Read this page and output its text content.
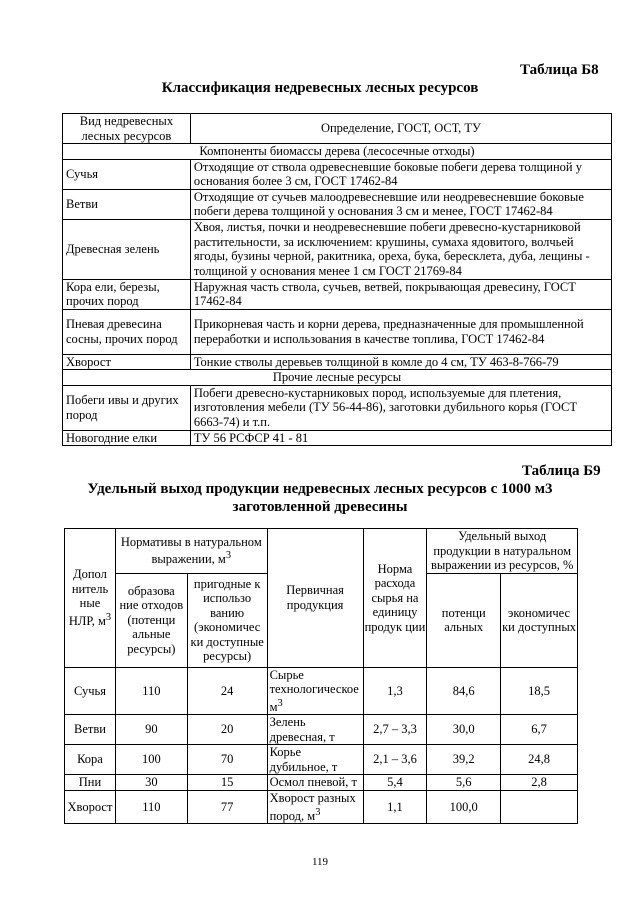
Таблица Б8
Классификация недревесных лесных ресурсов
Вид недревесных лесных ресурсов	Определение, ГОСТ, ОСТ, ТУ
Компоненты биомассы дерева (лесосечные отходы)	
Сучья	Отходящие от ствола одревесневшие боковые побеги дерева толщиной у основания более 3 см, ГОСТ 17462-84
Ветви	Отходящие от сучьев малоодревесневшие или неодревесневшие боковые побеги дерева толщиной у основания 3 см и менее, ГОСТ 17462-84
Древесная зелень	Хвоя, листья, почки и неодревесневшие побеги древесно-кустарниковой растительности, за исключением: крушины, сумаха ядовитого, волчьей ягоды, бузины черной, ракитника, ореха, бука, бересклета, дуба, лещины - толщиной у основания менее 1 см ГОСТ 21769-84
Кора ели, березы, прочих пород	Наружная часть ствола, сучьев, ветвей, покрывающая древесину, ГОСТ 17462-84
Пневая древесина сосны, прочих пород	Прикорневая часть и корни дерева, предназначенные для промышленной переработки и использования в качестве топлива, ГОСТ 17462-84
Хворост	Тонкие стволы деревьев толщиной в комле до 4 см, ТУ 463-8-766-79
Прочие лесные ресурсы	
Побеги ивы и других пород	Побеги древесно-кустарниковых пород, используемые для плетения, изготовления мебели (ТУ 56-44-86), заготовки дубильного корья (ГОСТ 6663-74) и т.п.
Новогодние елки	ТУ 56 РСФСР 41 - 81
Таблица Б9
Удельный выход продукции недревесных лесных ресурсов с 1000 м3
заготовленной древесины
Допол нитель ные НЛР, $м^3$	Нормативы в натуральном выражении, $м^3$		Первичная продукция	Норма расхода сырья на единицу продук ции	Удельный выход продукции в натуральном выражении из ресурсов, %	
	образова ние отходов (потенци альные ресурсы)	пригодные к использо ванию (экономичес ки доступные ресурсы)			потенци альных	экономичес ки доступных
Сучья	110	24	Сырье технологическое $м^3$	1,3	84,6	18,5
Ветви	90	20	Зелень древесная, т	2,7 – 3,3	30,0	6,7
Кора	100	70	Корье дубильное, т	2,1 – 3,6	39,2	24,8
Пни	30	15	Осмол пневой, т	5,4	5,6	2,8
Хворост	110	77	Хворост разных пород, $м^3$	1,1	100,0	
119
